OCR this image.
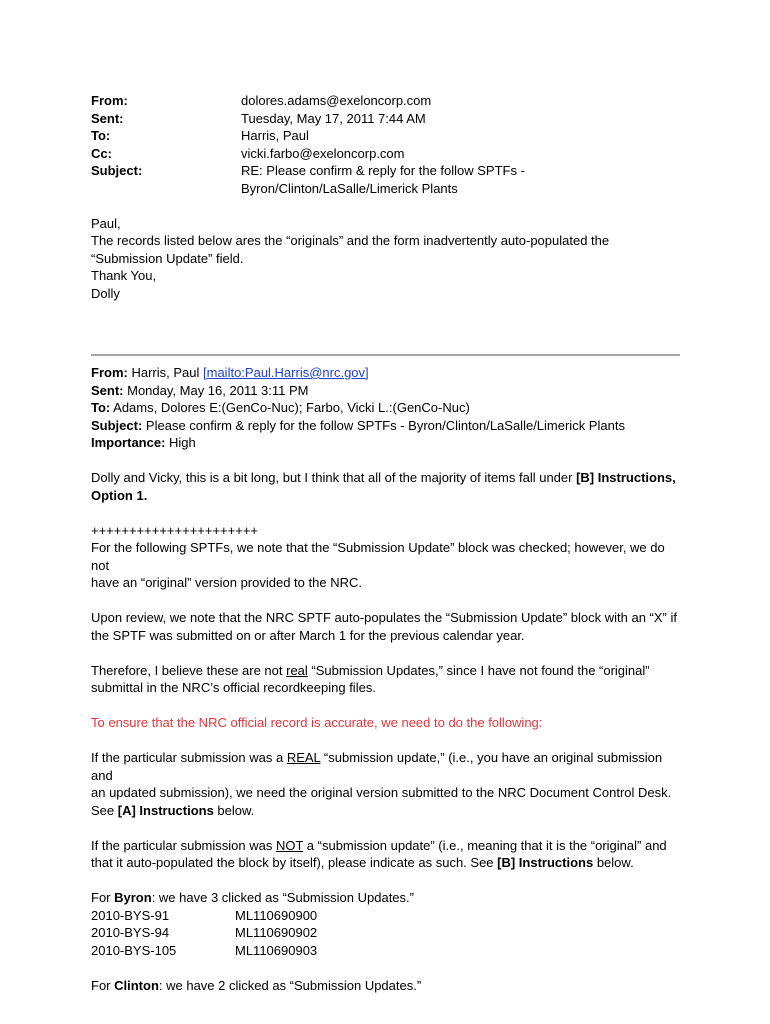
From:	dolores.adams@exeloncorp.com
Sent:	Tuesday, May 17, 2011 7:44 AM
To:	Harris, Paul
Cc:	vicki.farbo@exeloncorp.com
Subject:	RE: Please confirm & reply for the follow SPTFs -
Byron/Clinton/LaSalle/Limerick Plants

Paul,

The records listed below ares the “originals” and the form inadvertently auto-populated the

“Submission Update” field.

Thank You,

Dolly

From: Harris, Paul [mailto:Paul.Harris@nrc.gov]

Sent: Monday, May 16, 2011 3:11 PM

To: Adams, Dolores E:(GenCo-Nuc); Farbo, Vicki L.:(GenCo-Nuc)

Subject: Please confirm & reply for the follow SPTFs - Byron/Clinton/LaSalle/Limerick Plants

Importance: High

Dolly and Vicky, this is a bit long, but I think that all of the majority of items fall under [B] Instructions,
Option 1.

++++++++++++++++++++++

For the following SPTFs, we note that the “Submission Update” block was checked; however, we do not

have an “original” version provided to the NRC.

Upon review, we note that the NRC SPTF auto-populates the “Submission Update” block with an “X” if

the SPTF was submitted on or after March 1 for the previous calendar year.

Therefore, I believe these are not real “Submission Updates,” since I have not found the “original”

submittal in the NRC’s official recordkeeping files.

To ensure that the NRC official record is accurate, we need to do the following:

If the particular submission was a REAL “submission update,” (i.e., you have an original submission and

an updated submission), we need the original version submitted to the NRC Document Control Desk.

See [A] Instructions below.

If the particular submission was NOT a “submission update” (i.e., meaning that it is the “original” and

that it auto-populated the block by itself), please indicate as such. See [B] Instructions below.

For Byron: we have 3 clicked as “Submission Updates.”

2010-BYS-91	ML110690900
2010-BYS-94	ML110690902
2010-BYS-105	ML110690903

For Clinton: we have 2 clicked as “Submission Updates.”
